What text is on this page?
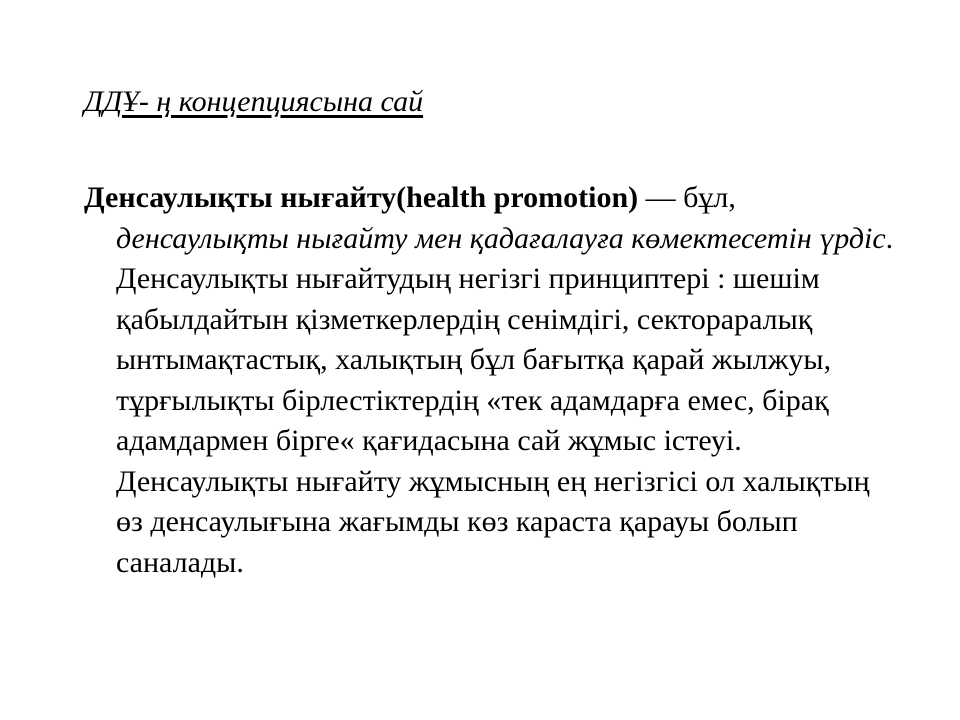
ДДҰ- ң концепциясына сай

Денсаулықты нығайту(health promotion) — бұл, денсаулықты нығайту мен қадағалауға көмектесетін үрдіс. Денсаулықты нығайтудың негізгі принциптері : шешім қабылдайтын қізметкерлердің сенімдігі, сектораралық ынтымақтастық, халықтың бұл бағытқа қарай жылжуы, тұрғылықты бірлестіктердің «тек адамдарға емес, бірақ адамдармен бірге« қағидасына сай жұмыс істеуі. Денсаулықты нығайту жұмысның ең негізгісі ол халықтың өз денсаулығына жағымды көз караста қарауы болып саналады.
